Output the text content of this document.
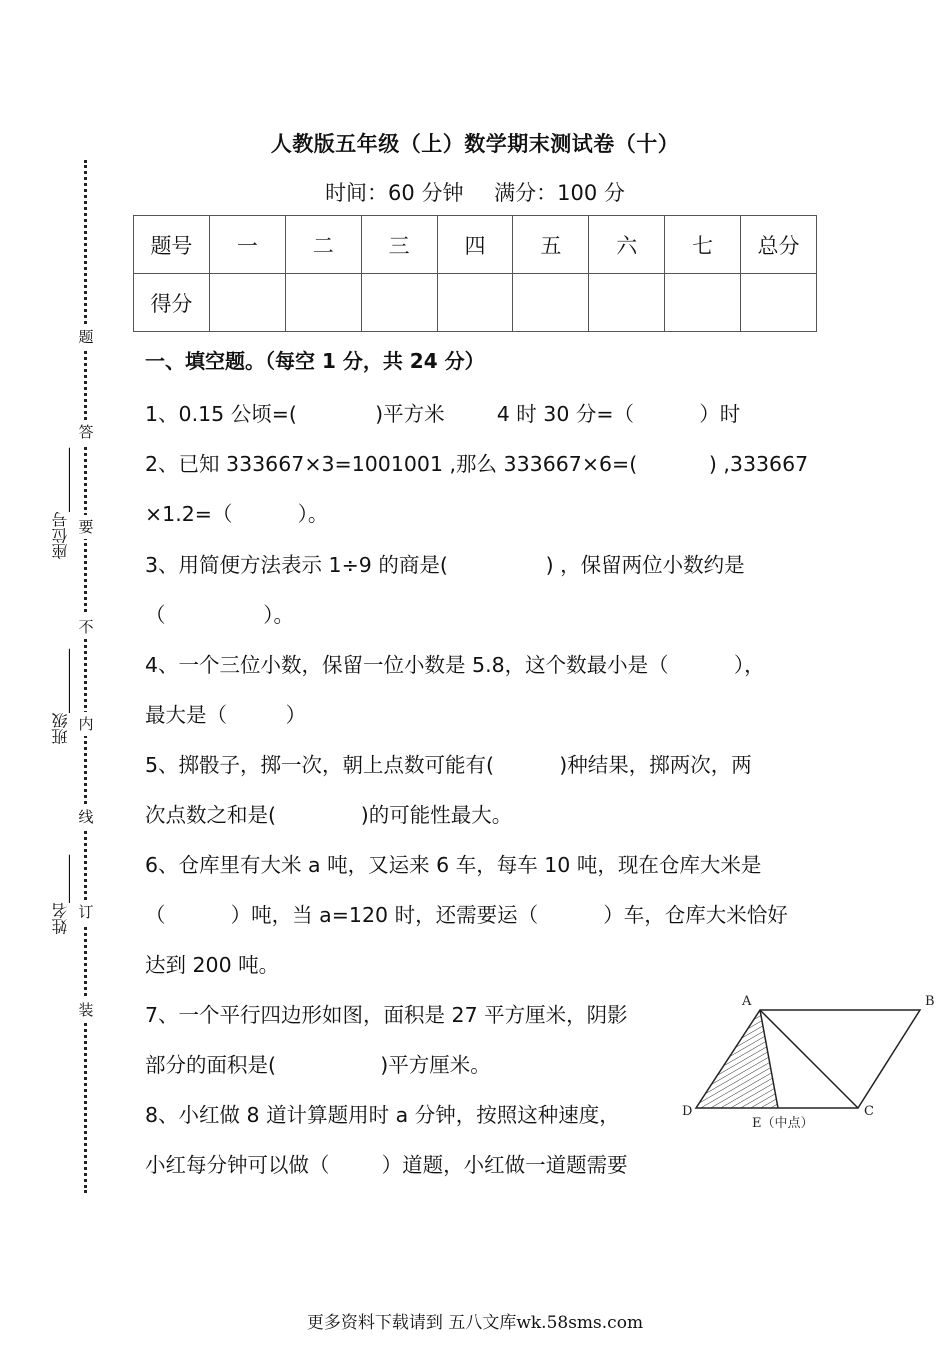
题
答
要
不
内
线
订
装

座位号________

班级________

姓名______

人教版五年级（上）数学期末测试卷（十）
时间：60 分钟 满分：100 分
题号	一	二	三	四	五	六	七	总分
得分								
一、填空题。（每空 1 分，共 24 分）
1、0.15 公顷=(            )平方米        4 时 30 分=（          ）时
2、已知 333667×3=1001001 ,那么 333667×6=(           ) ,333667
×1.2=（          ）。
3、用简便方法表示 1÷9 的商是(               ) ，保留两位小数约是
（               ）。
4、一个三位小数，保留一位小数是 5.8，这个数最小是（          ），
最大是（         ）
5、掷骰子，掷一次，朝上点数可能有(          )种结果，掷两次，两
次点数之和是(             )的可能性最大。
6、仓库里有大米 a 吨，又运来 6 车，每车 10 吨，现在仓库大米是
（          ）吨，当 a=120 时，还需要运（          ）车，仓库大米恰好
达到 200 吨。
7、一个平行四边形如图，面积是 27 平方厘米，阴影
部分的面积是(                )平方厘米。
8、小红做 8 道计算题用时 a 分钟，按照这种速度，
小红每分钟可以做（        ）道题，小红做一道题需要
A	B
C
D
E（中点）
更多资料下载请到 五八文库wk.58sms.com
